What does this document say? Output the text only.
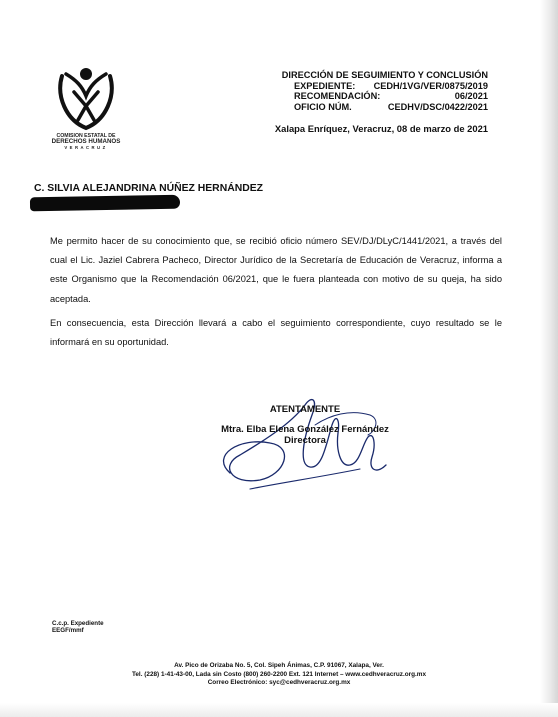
COMISION ESTATAL DE
DERECHOS HUMANOS
VERACRUZ
DIRECCIÓN DE SEGUIMIENTO Y CONCLUSIÓN
EXPEDIENTE: CEDH/1VG/VER/0875/2019
RECOMENDACIÓN:	06/2021
OFICIO NÚM.	CEDHV/DSC/0422/2021
Xalapa Enríquez, Veracruz, 08 de marzo de 2021
C. SILVIA ALEJANDRINA NÚÑEZ HERNÁNDEZ
Me permito hacer de su conocimiento que, se recibió oficio número SEV/DJ/DLyC/1441/2021, a través del cual el Lic. Jaziel Cabrera Pacheco, Director Jurídico de la Secretaría de Educación de Veracruz, informa a este Organismo que la Recomendación 06/2021, que le fuera planteada con motivo de su queja, ha sido aceptada.
En consecuencia, esta Dirección llevará a cabo el seguimiento correspondiente, cuyo resultado se le informará en su oportunidad.
ATENTAMENTE
Mtra. Elba Elena González Fernández
Directora
C.c.p. Expediente
EEGF/mmf
Av. Pico de Orizaba No. 5, Col. Sipeh Ánimas, C.P. 91067, Xalapa, Ver.
Tel. (228) 1-41-43-00, Lada sin Costo (800) 260-2200 Ext. 121 Internet – www.cedhveracruz.org.mx
Correo Electrónico: syc@cedhveracruz.org.mx
